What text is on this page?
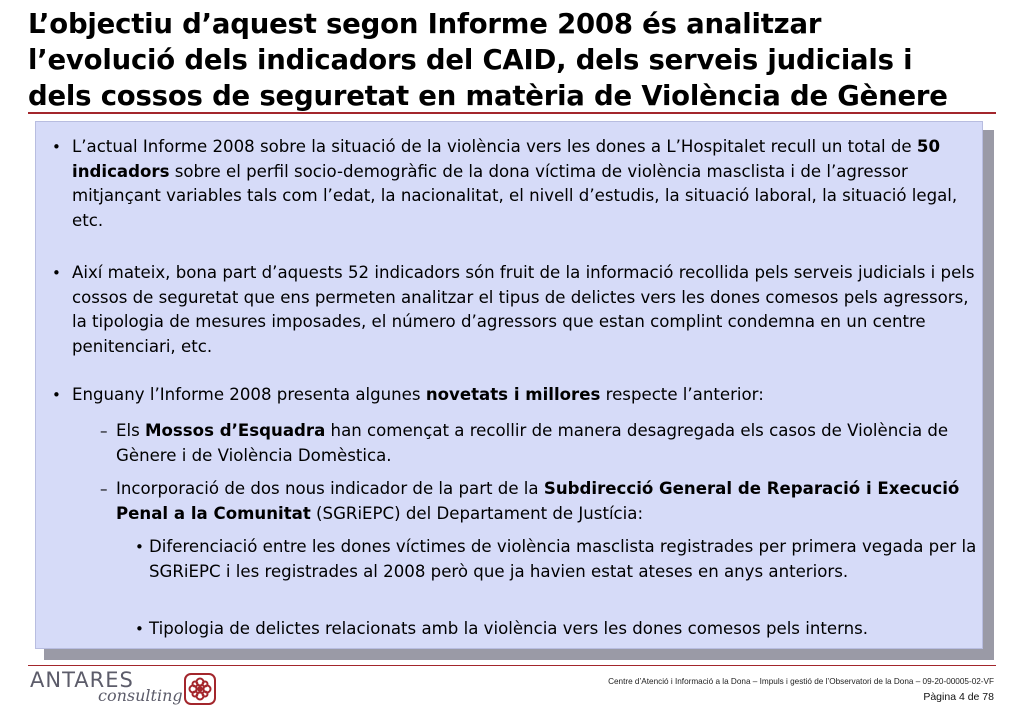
L’objectiu d’aquest segon Informe 2008 és analitzar
l’evolució dels indicadors del CAID, dels serveis judicials i
dels cossos de seguretat en matèria de Violència de Gènere
• L’actual Informe 2008 sobre la situació de la violència vers les dones a L’Hospitalet recull un total de 50 indicadors sobre el perfil socio-demogràfic de la dona víctima de violència masclista i de l’agressor mitjançant variables tals com l’edat, la nacionalitat, el nivell d’estudis, la situació laboral, la situació legal, etc.
• Així mateix, bona part d’aquests 52 indicadors són fruit de la informació recollida pels serveis judicials i pels cossos de seguretat que ens permeten analitzar el tipus de delictes vers les dones comesos pels agressors, la tipologia de mesures imposades, el número d’agressors que estan complint condemna en un centre penitenciari, etc.
• Enguany l’Informe 2008 presenta algunes novetats i millores respecte l’anterior:
– Els Mossos d’Esquadra han començat a recollir de manera desagregada els casos de Violència de Gènere i de Violència Domèstica.
– Incorporació de dos nous indicador de la part de la Subdirecció General de Reparació i Execució Penal a la Comunitat (SGRiEPC) del Departament de Justícia:
• Diferenciació entre les dones víctimes de violència masclista registrades per primera vegada per la SGRiEPC i les registrades al 2008 però que ja havien estat ateses en anys anteriors.
• Tipologia de delictes relacionats amb la violència vers les dones comesos pels interns.
ANTARES
consulting
Centre d’Atenció i Informació a la Dona – Impuls i gestió de l’Observatori de la Dona – 09-20-00005-02-VF
Pàgina 4 de 78
